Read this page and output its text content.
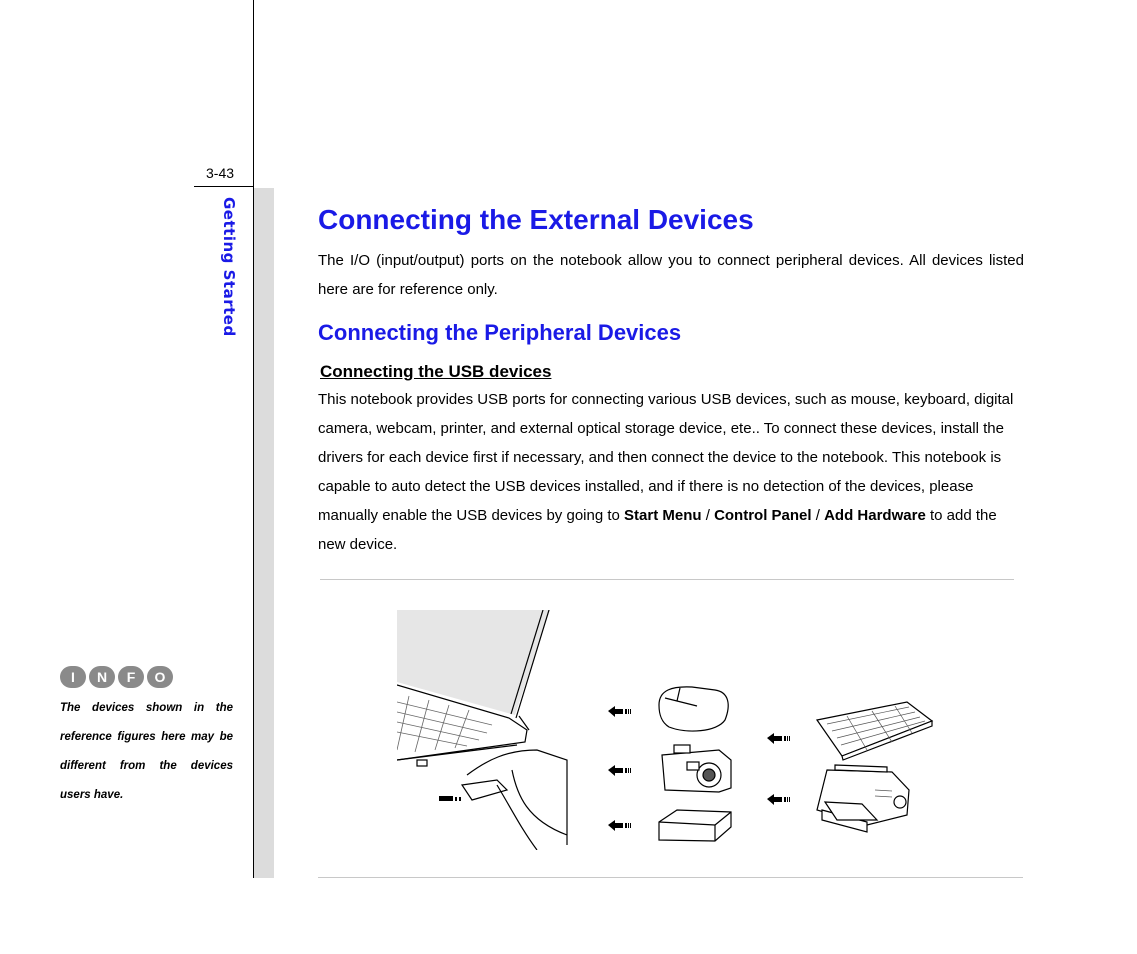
3-43
Getting Started
I	N	F	O
The devices shown in the reference figures here may be different from the devices users have.
Connecting the External Devices

The I/O (input/output) ports on the notebook allow you to connect peripheral devices. All devices listed here are for reference only.

Connecting the Peripheral Devices
Connecting the USB devices

This notebook provides USB ports for connecting various USB devices, such as mouse, keyboard, digital camera, webcam, printer, and external optical storage device, ete.. To connect these devices, install the drivers for each device first if necessary, and then connect the device to the notebook. This notebook is capable to auto detect the USB devices installed, and if there is no detection of the devices, please manually enable the USB devices by going to Start Menu / Control Panel / Add Hardware to add the new device.
